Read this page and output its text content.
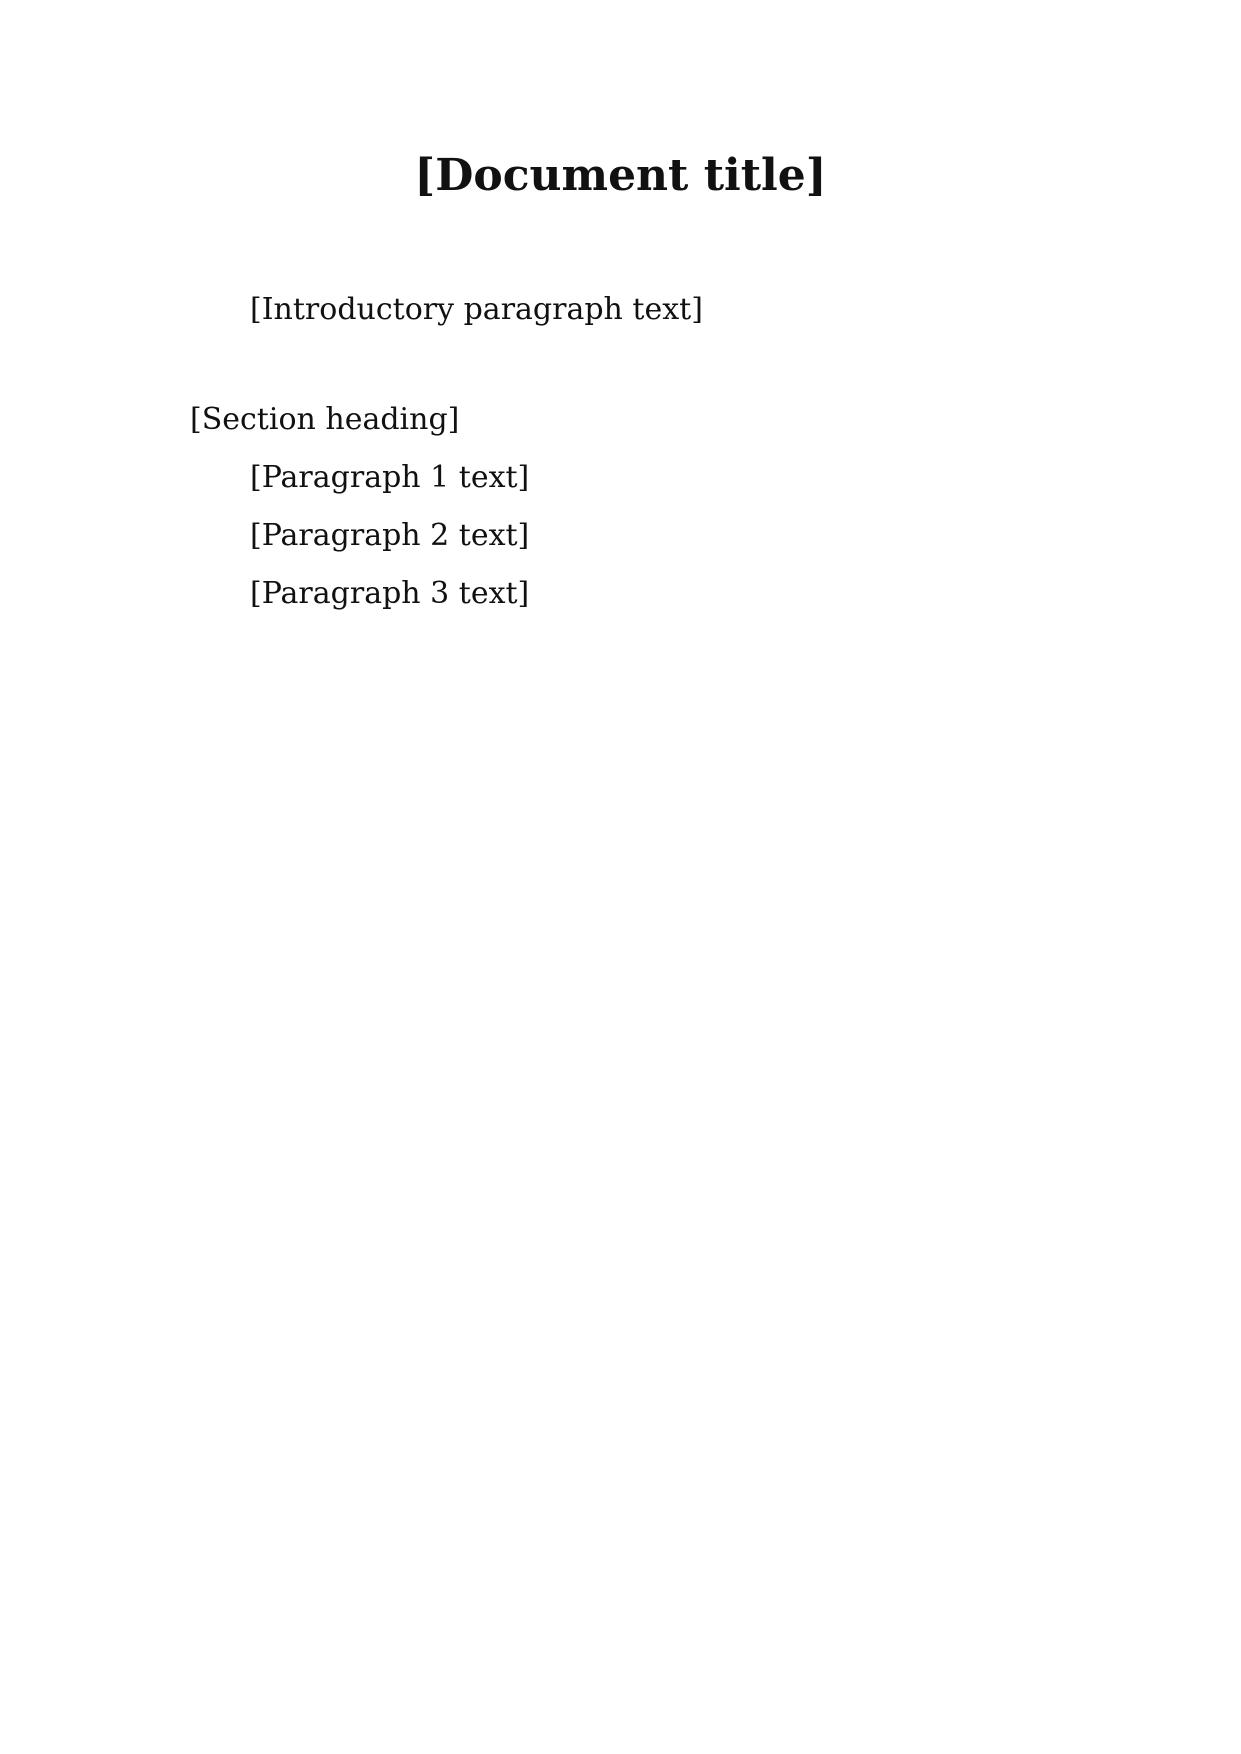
[Document title]

[Introductory paragraph text]

[Section heading]

[Paragraph 1 text]

[Paragraph 2 text]

[Paragraph 3 text]
